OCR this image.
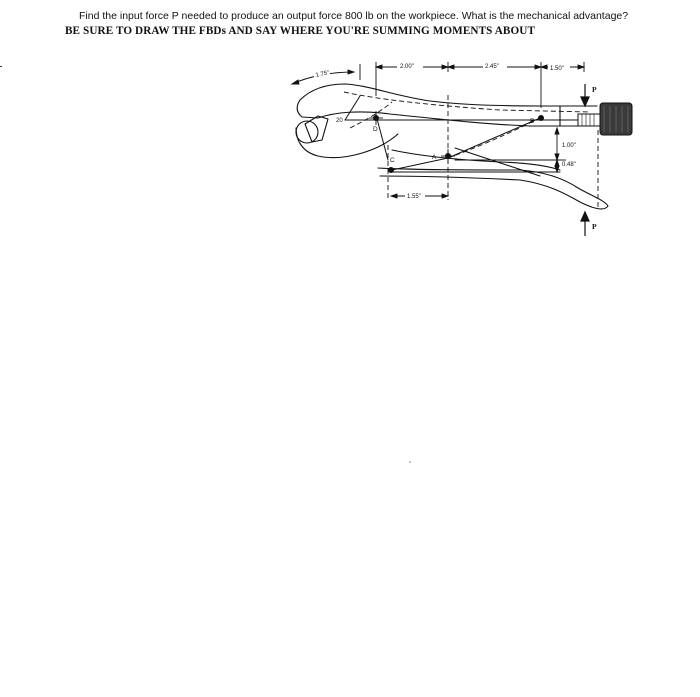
Find the input force P needed to produce an output force 800 lb on the workpiece. What is the mechanical advantage?
BE SURE TO DRAW THE FBDs AND SAY WHERE YOU'RE SUMMING MOMENTS ABOUT
2.00"	2.45"	1.50"
1.75"
20
1.00"
0.48"
1.55"
P
P
D
A
B
C
